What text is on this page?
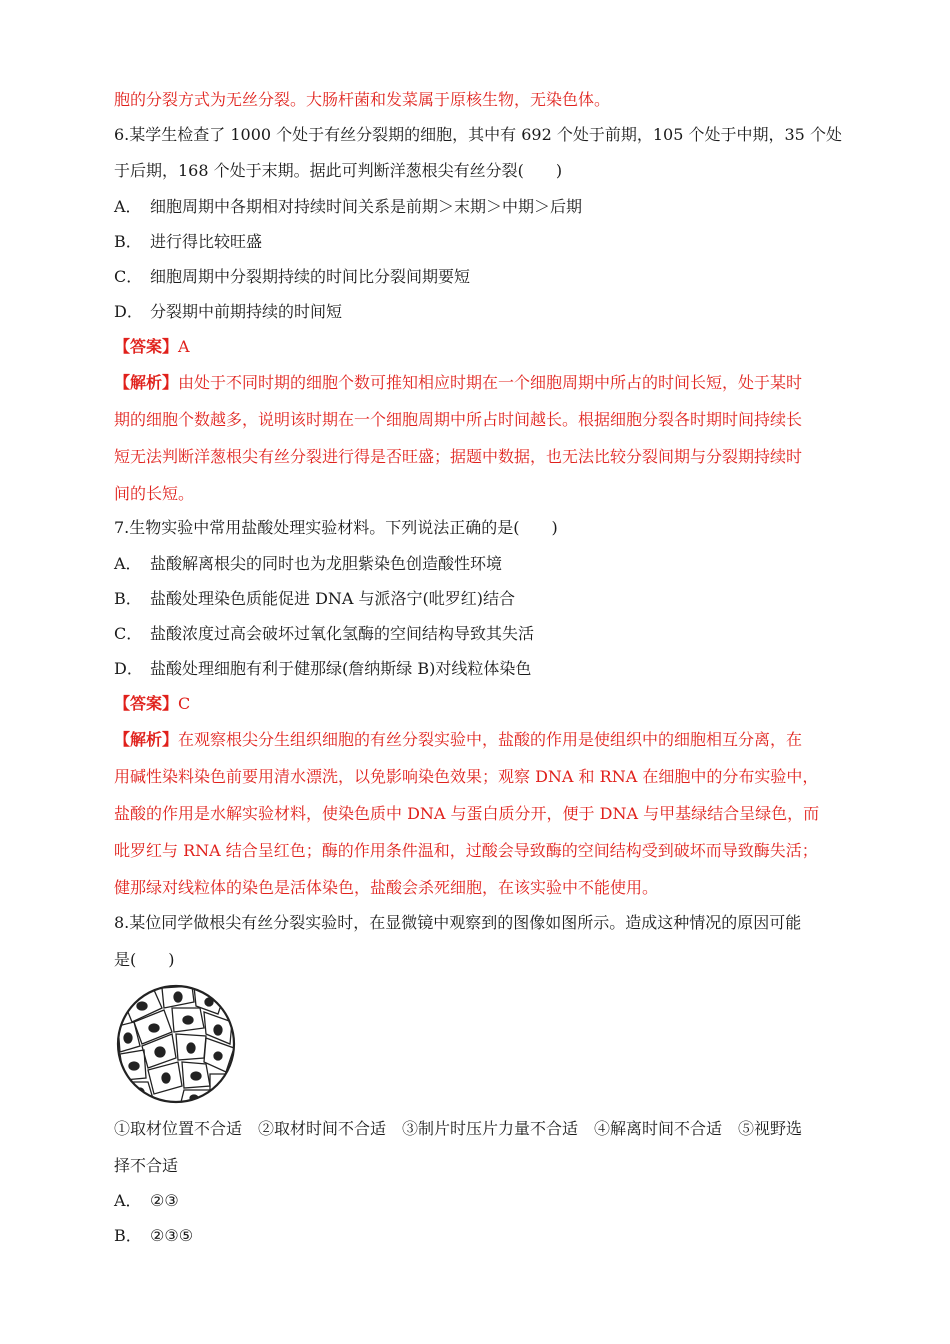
胞的分裂方式为无丝分裂。大肠杆菌和发菜属于原核生物，无染色体。
6.某学生检查了 1000 个处于有丝分裂期的细胞，其中有 692 个处于前期，105 个处于中期，35 个处
于后期，168 个处于末期。据此可判断洋葱根尖有丝分裂(　　)
A． 细胞周期中各期相对持续时间关系是前期＞末期＞中期＞后期
B． 进行得比较旺盛
C． 细胞周期中分裂期持续的时间比分裂间期要短
D． 分裂期中前期持续的时间短
【答案】A
【解析】由处于不同时期的细胞个数可推知相应时期在一个细胞周期中所占的时间长短，处于某时
期的细胞个数越多，说明该时期在一个细胞周期中所占时间越长。根据细胞分裂各时期时间持续长
短无法判断洋葱根尖有丝分裂进行得是否旺盛；据题中数据，也无法比较分裂间期与分裂期持续时
间的长短。
7.生物实验中常用盐酸处理实验材料。下列说法正确的是(　　)
A． 盐酸解离根尖的同时也为龙胆紫染色创造酸性环境
B． 盐酸处理染色质能促进 DNA 与派洛宁(吡罗红)结合
C． 盐酸浓度过高会破坏过氧化氢酶的空间结构导致其失活
D． 盐酸处理细胞有利于健那绿(詹纳斯绿 B)对线粒体染色
【答案】C
【解析】在观察根尖分生组织细胞的有丝分裂实验中，盐酸的作用是使组织中的细胞相互分离，在
用碱性染料染色前要用清水漂洗，以免影响染色效果；观察 DNA 和 RNA 在细胞中的分布实验中，
盐酸的作用是水解实验材料，使染色质中 DNA 与蛋白质分开，便于 DNA 与甲基绿结合呈绿色，而
吡罗红与 RNA 结合呈红色；酶的作用条件温和，过酸会导致酶的空间结构受到破坏而导致酶失活；
健那绿对线粒体的染色是活体染色，盐酸会杀死细胞，在该实验中不能使用。
8.某位同学做根尖有丝分裂实验时，在显微镜中观察到的图像如图所示。造成这种情况的原因可能
是(　　)
①取材位置不合适　②取材时间不合适　③制片时压片力量不合适　④解离时间不合适　⑤视野选
择不合适
A． ②③
B． ②③⑤
